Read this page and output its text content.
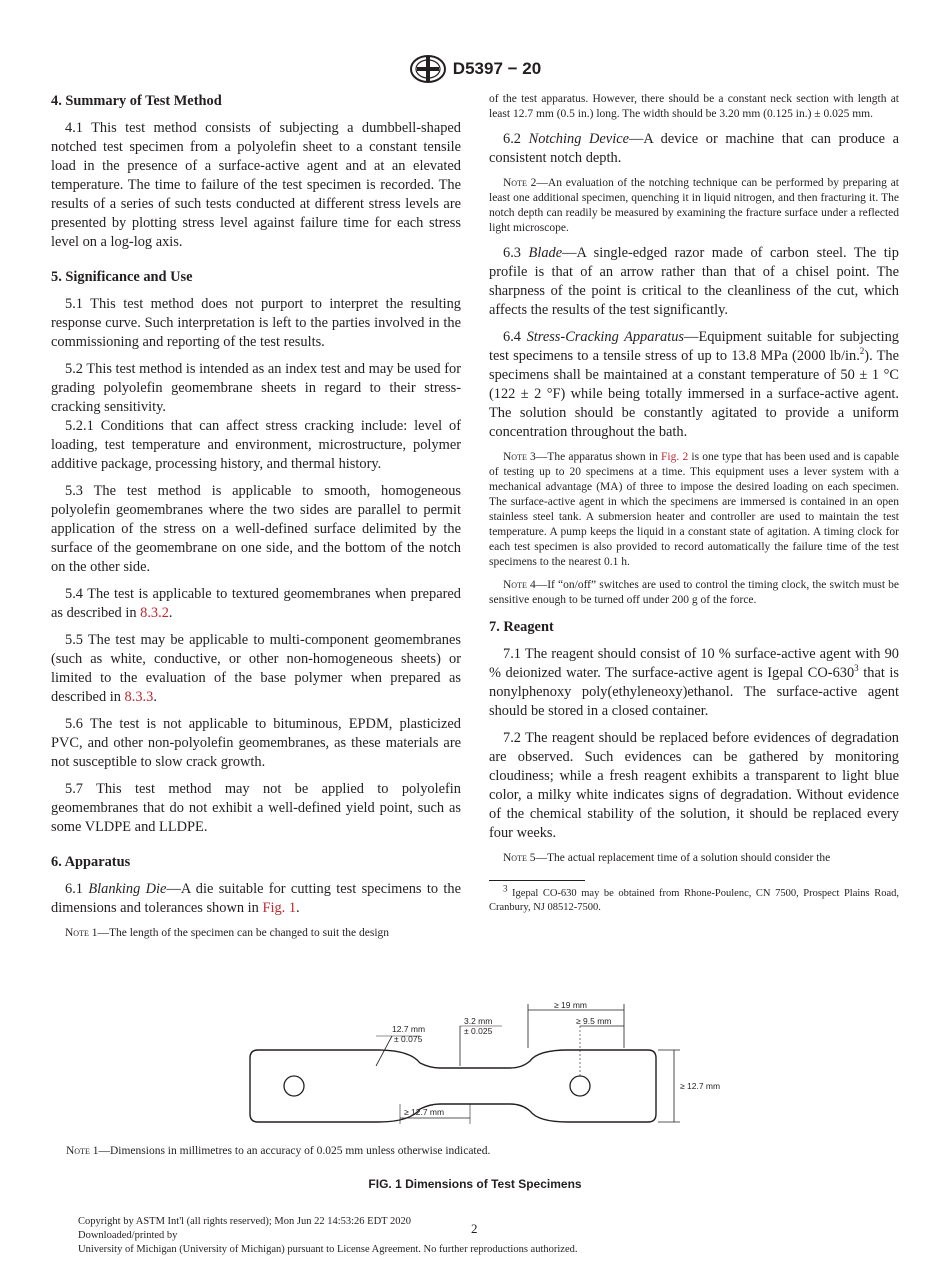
D5397 − 20
4. Summary of Test Method

4.1 This test method consists of subjecting a dumbbell-shaped notched test specimen from a polyolefin sheet to a constant tensile load in the presence of a surface-active agent and at an elevated temperature. The time to failure of the test specimen is recorded. The results of a series of such tests conducted at different stress levels are presented by plotting stress level against failure time for each stress level on a log-log axis.

5. Significance and Use

5.1 This test method does not purport to interpret the resulting response curve. Such interpretation is left to the parties involved in the commissioning and reporting of the test results.

5.2 This test method is intended as an index test and may be used for grading polyolefin geomembrane sheets in regard to their stress-cracking sensitivity.

5.2.1 Conditions that can affect stress cracking include: level of loading, test temperature and environment, microstructure, polymer additive package, processing history, and thermal history.

5.3 The test method is applicable to smooth, homogeneous polyolefin geomembranes where the two sides are parallel to permit application of the stress on a well-defined surface delimited by the surface of the geomembrane on one side, and the bottom of the notch on the other side.

5.4 The test is applicable to textured geomembranes when prepared as described in 8.3.2.

5.5 The test may be applicable to multi-component geomembranes (such as white, conductive, or other non-homogeneous sheets) or limited to the evaluation of the base polymer when prepared as described in 8.3.3.

5.6 The test is not applicable to bituminous, EPDM, plasticized PVC, and other non-polyolefin geomembranes, as these materials are not susceptible to slow crack growth.

5.7 This test method may not be applied to polyolefin geomembranes that do not exhibit a well-defined yield point, such as some VLDPE and LLDPE.

6. Apparatus

6.1 Blanking Die—A die suitable for cutting test specimens to the dimensions and tolerances shown in Fig. 1.

Note 1—The length of the specimen can be changed to suit the design

of the test apparatus. However, there should be a constant neck section with length at least 12.7 mm (0.5 in.) long. The width should be 3.20 mm (0.125 in.) ± 0.025 mm.

6.2 Notching Device—A device or machine that can produce a consistent notch depth.

Note 2—An evaluation of the notching technique can be performed by preparing at least one additional specimen, quenching it in liquid nitrogen, and then fracturing it. The notch depth can readily be measured by examining the fracture surface under a reflected light microscope.

6.3 Blade—A single-edged razor made of carbon steel. The tip profile is that of an arrow rather than that of a chisel point. The sharpness of the point is critical to the cleanliness of the cut, which affects the results of the test significantly.

6.4 Stress-Cracking Apparatus—Equipment suitable for subjecting test specimens to a tensile stress of up to 13.8 MPa (2000 lb/in.$^2$). The specimens shall be maintained at a constant temperature of 50 ± 1 °C (122 ± 2 °F) while being totally immersed in a surface-active agent. The solution should be constantly agitated to provide a uniform concentration throughout the bath.

Note 3—The apparatus shown in Fig. 2 is one type that has been used and is capable of testing up to 20 specimens at a time. This equipment uses a lever system with a mechanical advantage (MA) of three to impose the desired loading on each specimen. The surface-active agent in which the specimens are immersed is contained in an open stainless steel tank. A submersion heater and controller are used to maintain the test temperature. A pump keeps the liquid in a constant state of agitation. A timing clock for each test specimen is also provided to record automatically the failure time of the test specimens to the nearest 0.1 h.

Note 4—If “on/off” switches are used to control the timing clock, the switch must be sensitive enough to be turned off under 200 g of the force.

7. Reagent

7.1 The reagent should consist of 10 % surface-active agent with 90 % deionized water. The surface-active agent is Igepal $CO-630^3$ that is nonylphenoxy poly(ethyleneoxy)ethanol. The surface-active agent should be stored in a closed container.

7.2 The reagent should be replaced before evidences of degradation are observed. Such evidences can be gathered by monitoring cloudiness; while a fresh reagent exhibits a transparent to light blue color, a milky white indicates signs of degradation. Without evidence of the chemical stability of the solution, it should be replaced every four weeks.

Note 5—The actual replacement time of a solution should consider the

$^3$ Igepal CO-630 may be obtained from Rhone-Poulenc, CN 7500, Prospect Plains Road, Cranbury, NJ 08512-7500.

≥ 19 mm
≥ 9.5 mm
12.7 mm
± 0.075
3.2 mm
± 0.025
≥ 12.7 mm
≥ 12.7 mm
Note 1—Dimensions in millimetres to an accuracy of 0.025 mm unless otherwise indicated.
FIG. 1 Dimensions of Test Specimens
Copyright by ASTM Int'l (all rights reserved); Mon Jun 22 14:53:26 EDT 2020
Downloaded/printed by
University of Michigan (University of Michigan) pursuant to License Agreement. No further reproductions authorized.
2
